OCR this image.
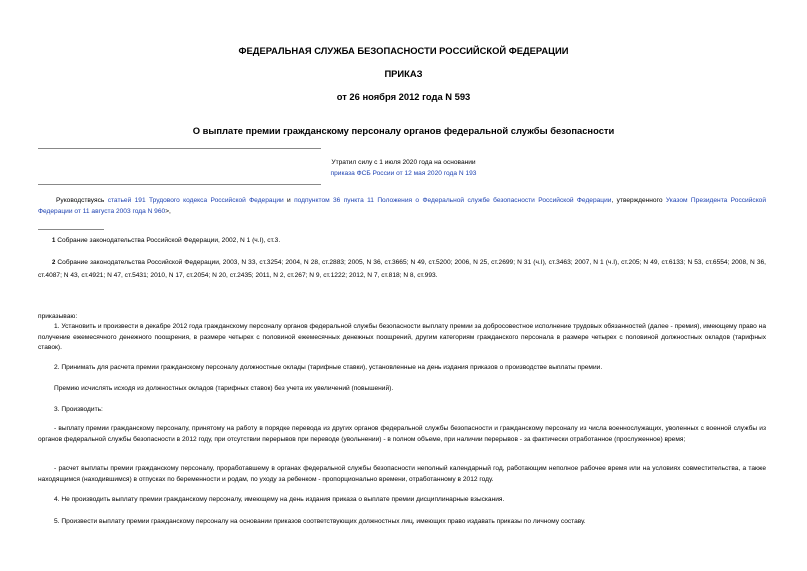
ФЕДЕРАЛЬНАЯ СЛУЖБА БЕЗОПАСНОСТИ РОССИЙСКОЙ ФЕДЕРАЦИИ
ПРИКАЗ
от 26 ноября 2012 года N 593
О выплате премии гражданскому персоналу органов федеральной службы безопасности
Утратил силу с 1 июля 2020 года на основании
приказа ФСБ России от 12 мая 2020 года N 193
Руководствуясь статьей 191 Трудового кодекса Российской Федерации и подпунктом 36 пункта 11 Положения о Федеральной службе безопасности Российской Федерации, утвержденного Указом Президента Российской Федерации от 11 августа 2003 года N 960>,
1 Собрание законодательства Российской Федерации, 2002, N 1 (ч.I), ст.3.
2 Собрание законодательства Российской Федерации, 2003, N 33, ст.3254; 2004, N 28, ст.2883; 2005, N 36, ст.3665; N 49, ст.5200; 2006, N 25, ст.2699; N 31 (ч.I), ст.3463; 2007, N 1 (ч.I), ст.205; N 49, ст.6133; N 53, ст.6554; 2008, N 36, ст.4087; N 43, ст.4921; N 47, ст.5431; 2010, N 17, ст.2054; N 20, ст.2435; 2011, N 2, ст.267; N 9, ст.1222; 2012, N 7, ст.818; N 8, ст.993.
приказываю:
1. Установить и произвести в декабре 2012 года гражданскому персоналу органов федеральной службы безопасности выплату премии за добросовестное исполнение трудовых обязанностей (далее - премия), имеющему право на получение ежемесячного денежного поощрения, в размере четырех с половиной ежемесячных денежных поощрений, другим категориям гражданского персонала в размере четырех с половиной должностных окладов (тарифных ставок).
2. Принимать для расчета премии гражданскому персоналу должностные оклады (тарифные ставки), установленные на день издания приказов о производстве выплаты премии.
Премию исчислять исходя из должностных окладов (тарифных ставок) без учета их увеличений (повышений).
3. Производить:
- выплату премии гражданскому персоналу, принятому на работу в порядке перевода из других органов федеральной службы безопасности и гражданскому персоналу из числа военнослужащих, уволенных с военной службы из органов федеральной службы безопасности в 2012 году, при отсутствии перерывов при переводе (увольнении) - в полном объеме, при наличии перерывов - за фактически отработанное (прослуженное) время;
- расчет выплаты премии гражданскому персоналу, проработавшему в органах федеральной службы безопасности неполный календарный год, работающим неполное рабочее время или на условиях совместительства, а также находящимся (находившимся) в отпусках по беременности и родам, по уходу за ребенком - пропорционально времени, отработанному в 2012 году.
4. Не производить выплату премии гражданскому персоналу, имеющему на день издания приказа о выплате премии дисциплинарные взыскания.
5. Произвести выплату премии гражданскому персоналу на основании приказов соответствующих должностных лиц, имеющих право издавать приказы по личному составу.
